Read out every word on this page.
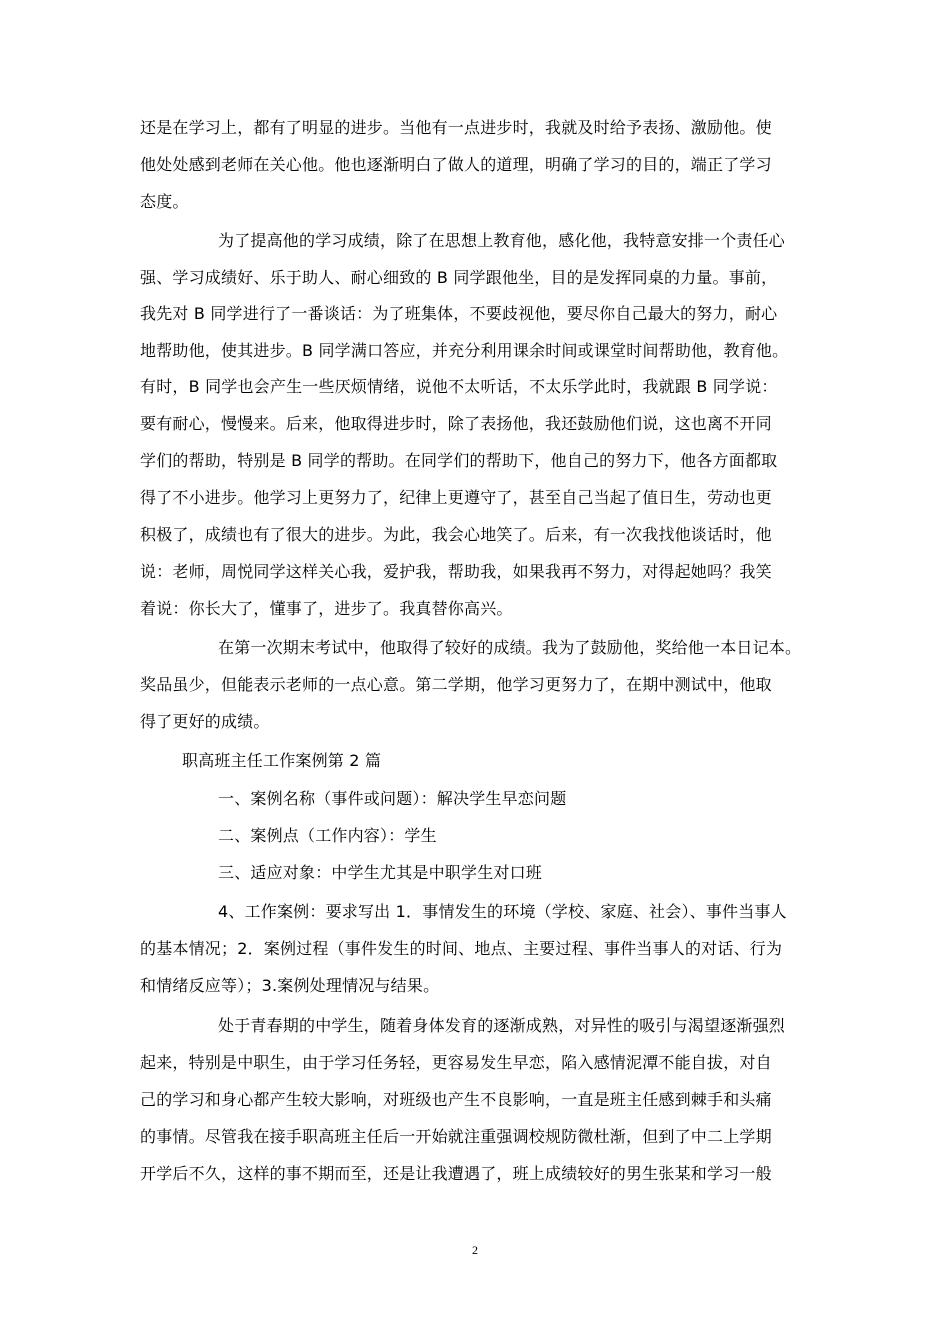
还是在学习上，都有了明显的进步。当他有一点进步时，我就及时给予表扬、激励他。使
他处处感到老师在关心他。他也逐渐明白了做人的道理，明确了学习的目的，端正了学习
态度。
为了提高他的学习成绩，除了在思想上教育他，感化他，我特意安排一个责任心
强、学习成绩好、乐于助人、耐心细致的 B 同学跟他坐，目的是发挥同桌的力量。事前，
我先对 B 同学进行了一番谈话：为了班集体，不要歧视他，要尽你自己最大的努力，耐心
地帮助他，使其进步。B 同学满口答应，并充分利用课余时间或课堂时间帮助他，教育他。
有时，B 同学也会产生一些厌烦情绪，说他不太听话，不太乐学此时，我就跟 B 同学说：
要有耐心，慢慢来。后来，他取得进步时，除了表扬他，我还鼓励他们说，这也离不开同
学们的帮助，特别是 B 同学的帮助。在同学们的帮助下，他自己的努力下，他各方面都取
得了不小进步。他学习上更努力了，纪律上更遵守了，甚至自己当起了值日生，劳动也更
积极了，成绩也有了很大的进步。为此，我会心地笑了。后来，有一次我找他谈话时，他
说：老师，周悦同学这样关心我，爱护我，帮助我，如果我再不努力，对得起她吗？我笑
着说：你长大了，懂事了，进步了。我真替你高兴。
在第一次期末考试中，他取得了较好的成绩。我为了鼓励他，奖给他一本日记本。
奖品虽少，但能表示老师的一点心意。第二学期，他学习更努力了，在期中测试中，他取
得了更好的成绩。
职高班主任工作案例第 2 篇
一、案例名称（事件或问题）：解决学生早恋问题
二、案例点（工作内容）：学生
三、适应对象：中学生尤其是中职学生对口班
4、工作案例：要求写出 1．事情发生的环境（学校、家庭、社会）、事件当事人
的基本情况；2．案例过程（事件发生的时间、地点、主要过程、事件当事人的对话、行为
和情绪反应等）；3.案例处理情况与结果。
处于青春期的中学生，随着身体发育的逐渐成熟，对异性的吸引与渴望逐渐强烈
起来，特别是中职生，由于学习任务轻，更容易发生早恋，陷入感情泥潭不能自拔，对自
己的学习和身心都产生较大影响，对班级也产生不良影响，一直是班主任感到棘手和头痛
的事情。尽管我在接手职高班主任后一开始就注重强调校规防微杜渐，但到了中二上学期
开学后不久，这样的事不期而至，还是让我遭遇了，班上成绩较好的男生张某和学习一般
2
